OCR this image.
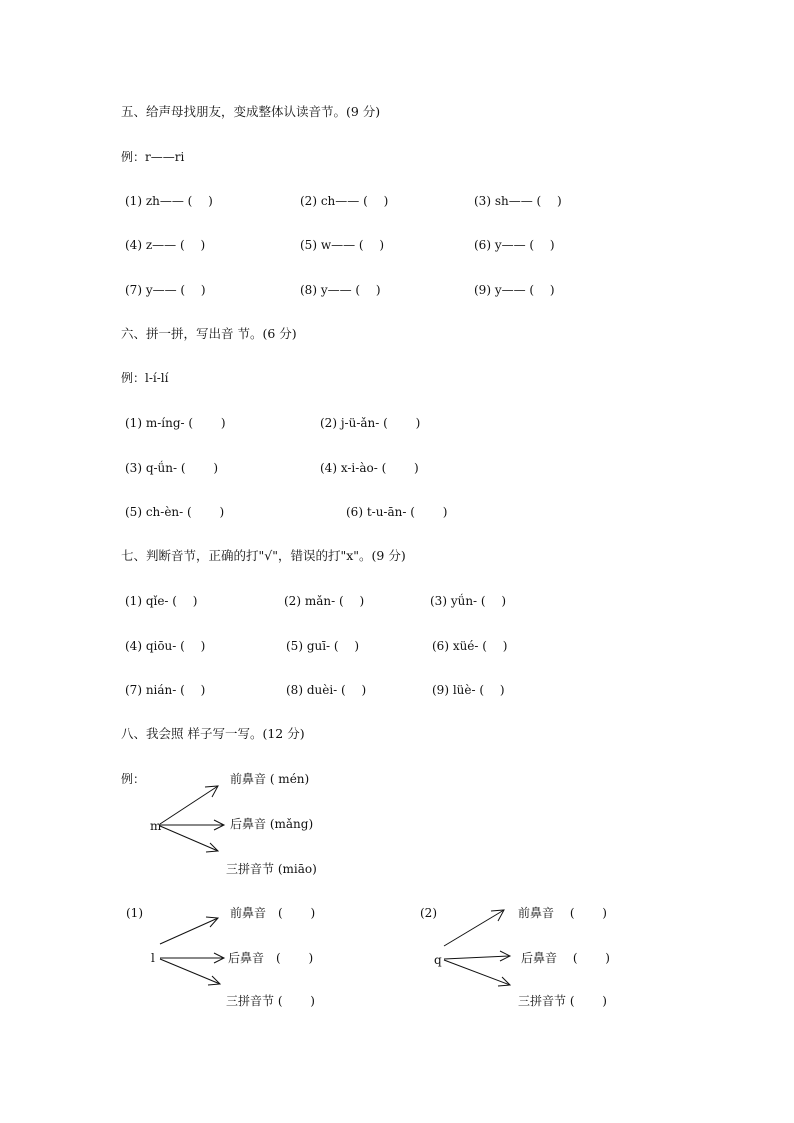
五、给声母找朋友，变成整体认读音节。(9 分)
例：r——ri
(1) zh—— (　 )	(2) ch—— (　 )	(3) sh—— (　 )
(4) z—— (　 )	(5) w—— (　 )	(6) y—— (　 )
(7) y—— (　 )	(8) y—— (　 )	(9) y—— (　 )
六、拼一拼，写出音 节。(6 分)
例：l-í-lí
(1) m-íng- (　　 )	(2) j-ü-ǎn- (　　 )
(3) q-ǘn- (　　 )	(4) x-i-ào- (　　 )
(5) ch-èn- (　　 )	(6) t-u-ān- (　　 )
七、判断音节，正确的打"√"，错误的打"x"。(9 分)
(1) qǐe- (　 )	(2) mǎn- (　 )	(3) yǘn- (　 )
(4) qiōu- (　 )	(5) guī- (　 )	(6) xüé- (　 )
(7) nián- (　 )	(8) duèi- (　 )	(9) lüè- (　 )
八、我会照 样子写一写。(12 分)
例：
m
前鼻音 ( mén)
后鼻音 (mǎng)
三拼音节 (miāo)
(1)
l
前鼻音　(　　 )
后鼻音　(　　 )
三拼音节 (　　 )
(2)
q
前鼻音　 (　　 )
后鼻音　 (　　 )
三拼音节 (　　 )
